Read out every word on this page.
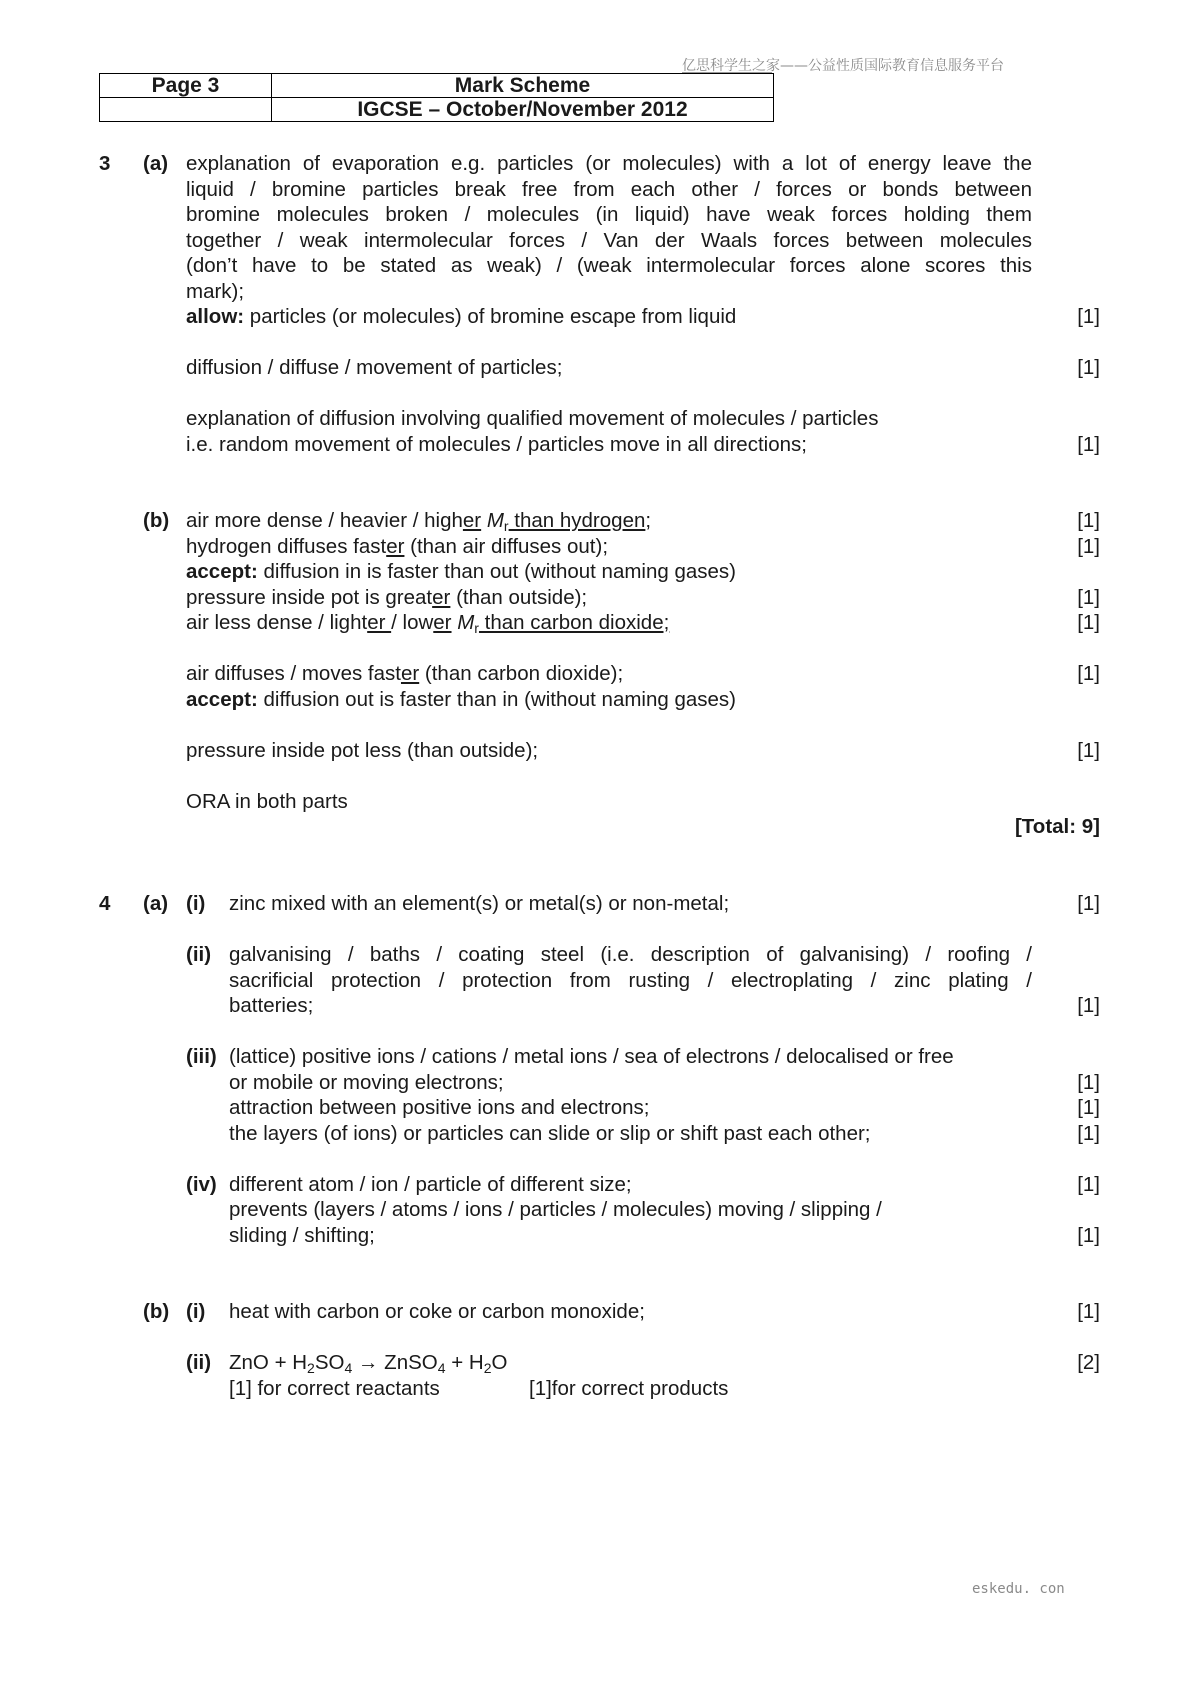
亿思科学生之家——公益性质国际教育信息服务平台
eskedu. con
Page 3	Mark Scheme
	IGCSE – October/November 2012
3 (a) explanation of evaporation e.g. particles (or molecules) with a lot of energy leave the
liquid / bromine particles break free from each other / forces or bonds between
bromine molecules broken / molecules (in liquid) have weak forces holding them
together / weak intermolecular forces / Van der Waals forces between molecules
(don’t have to be stated as weak) / (weak intermolecular forces alone scores this
mark);
allow: particles (or molecules) of bromine escape from liquid	[1]
diffusion / diffuse / movement of particles;	[1]
explanation of diffusion involving qualified movement of molecules / particles
i.e. random movement of molecules / particles move in all directions;	[1]
(b) air more dense / heavier / higher $M_r$ than hydrogen;	[1]
hydrogen diffuses faster (than air diffuses out);	[1]
accept: diffusion in is faster than out (without naming gases)
pressure inside pot is greater (than outside);	[1]
air less dense / lighter / lower $M_r$ than carbon dioxide;	[1]
air diffuses / moves faster (than carbon dioxide);	[1]
accept: diffusion out is faster than in (without naming gases)
pressure inside pot less (than outside);	[1]
ORA in both parts
[Total: 9]
4 (a) (i) zinc mixed with an element(s) or metal(s) or non-metal;	[1]
(ii) galvanising / baths / coating steel (i.e. description of galvanising) / roofing /
sacrificial protection / protection from rusting / electroplating / zinc plating /
batteries;	[1]
(iii) (lattice) positive ions / cations / metal ions / sea of electrons / delocalised or free
or mobile or moving electrons;	[1]
attraction between positive ions and electrons;	[1]
the layers (of ions) or particles can slide or slip or shift past each other;	[1]
(iv) different atom / ion / particle of different size;	[1]
prevents (layers / atoms / ions / particles / molecules) moving / slipping /
sliding / shifting;	[1]
(b) (i) heat with carbon or coke or carbon monoxide;	[1]
(ii) ZnO + $H_2SO_4$ → ZnSO$_4$ + $H_2O$	[2]
[1] for correct reactants	[1]for correct products
